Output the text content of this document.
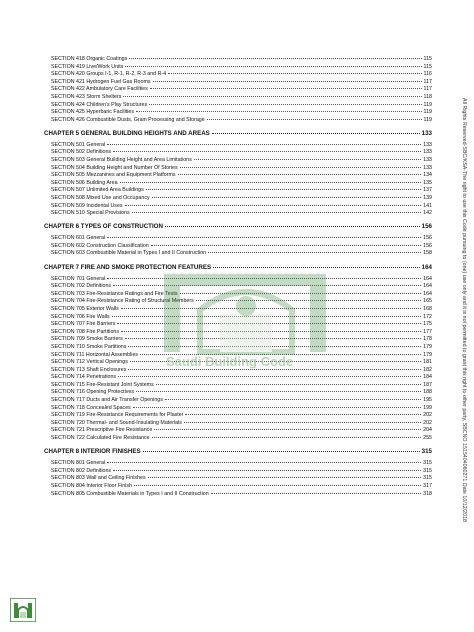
SECTION 418 Organic Coatings	115
SECTION 419 Live/Work Units	115
SECTION 420 Groups I-1, R-1, R-2, R-3 and R-4	116
SECTION 421 Hydrogen Fuel Gas Rooms	117
SECTION 422 Ambulatory Care Facilities	117
SECTION 423 Storm Shelters	118
SECTION 424 Children's Play Structures	119
SECTION 425 Hyperbaric Facilities	119
SECTION 426 Combustible Dusts, Grain Processing and Storage	119
CHAPTER 5 GENERAL BUILDING HEIGHTS AND AREAS	133
SECTION 501 General	133
SECTION 502 Definitions	133
SECTION 503 General Building Height and Area Limitations	133
SECTION 504 Building Height and Number Of Stories	133
SECTION 505 Mezzanines and Equipment Platforms	134
SECTION 506 Building Area	135
SECTION 507 Unlimited Area Buildings	137
SECTION 508 Mixed Use and Occupancy	139
SECTION 509 Incidental Uses	141
SECTION 510 Special Provisions	142
CHAPTER 6 TYPES OF CONSTRUCTION	156
SECTION 601 General	156
SECTION 602 Construction Classification	156
SECTION 603 Combustible Material in Types I and II Construction	158
CHAPTER 7 FIRE AND SMOKE PROTECTION FEATURES	164
SECTION 701 General	164
SECTION 702 Definitions	164
SECTION 703 Fire-Resistance Ratings and Fire Tests	164
SECTION 704 Fire-Resistance Rating of Structural Members	165
SECTION 705 Exterior Walls	168
SECTION 706 Fire Walls	172
SECTION 707 Fire Barriers	175
SECTION 708 Fire Partitions	177
SECTION 709 Smoke Barriers	178
SECTION 710 Smoke Partitions	179
SECTION 711 Horizontal Assemblies	179
SECTION 712 Vertical Openings	181
SECTION 713 Shaft Enclosures	182
SECTION 714 Penetrations	184
SECTION 715 Fire-Resistant Joint Systems	187
SECTION 716 Opening Protectives	188
SECTION 717 Ducts and Air Transfer Openings	195
SECTION 718 Concealed Spaces	199
SECTION 719 Fire-Resistance Requirements for Plaster	202
SECTION 720 Thermal- and Sound-Insulating Materials	202
SECTION 721 Prescriptive Fire Resistance	204
SECTION 722 Calculated Fire Resistance	255
CHAPTER 8 INTERIOR FINISHES	315
SECTION 801 General	315
SECTION 802 Definitions	315
SECTION 803 Wall and Ceiling Finishes	315
SECTION 804 Interior Floor Finish	317
SECTION 805 Combustible Materials in Types I and II Construction	318
Saudi Building Code	All Rights Reserved-SBC/KSA-The right to use this Code pursuing to (one) use only and it is not permitted to grant this right to other party, SBCNO 1515404060271 Date 10/12/2018
